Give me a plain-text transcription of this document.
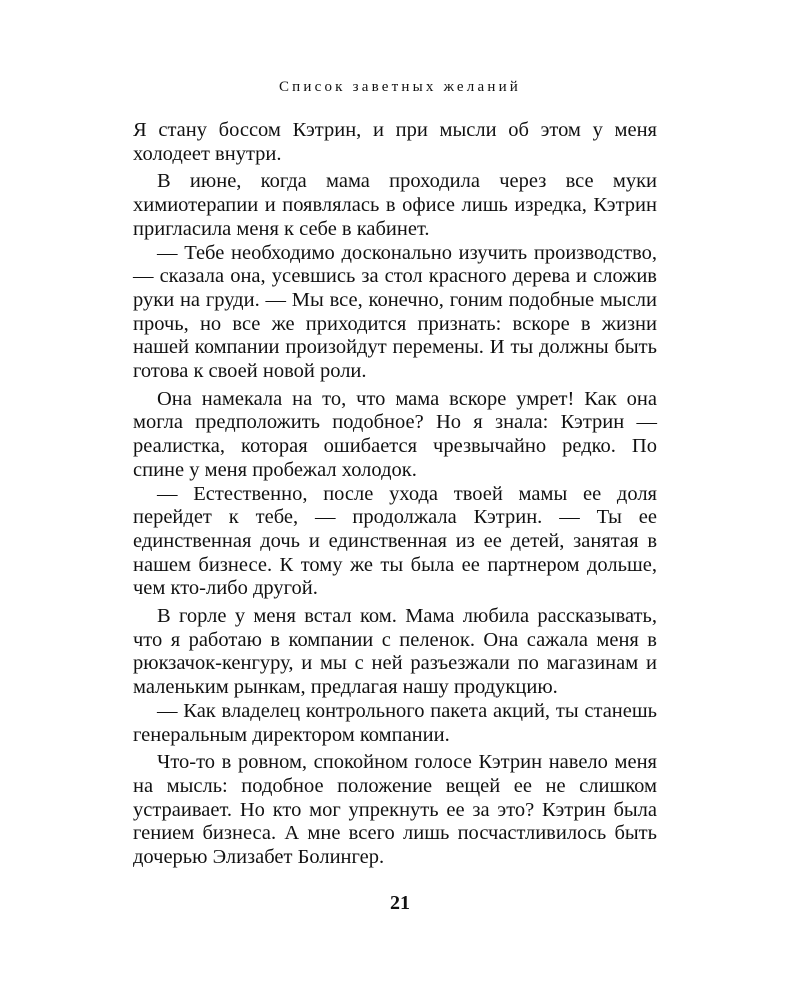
Список заветных желаний

Я стану боссом Кэтрин, и при мысли об этом у меня холодеет внутри.

В июне, когда мама проходила через все муки химиотерапии и появлялась в офисе лишь изредка, Кэтрин пригласила меня к себе в кабинет.

— Тебе необходимо досконально изучить производство, — сказала она, усевшись за стол красного дерева и сложив руки на груди. — Мы все, конечно, гоним подобные мысли прочь, но все же приходится признать: вскоре в жизни нашей компании произойдут перемены. И ты должны быть готова к своей новой роли.

Она намекала на то, что мама вскоре умрет! Как она могла предположить подобное? Но я знала: Кэтрин — реалистка, которая ошибается чрезвычайно редко. По спине у меня пробежал холодок.

— Естественно, после ухода твоей мамы ее доля перейдет к тебе, — продолжала Кэтрин. — Ты ее единственная дочь и единственная из ее детей, занятая в нашем бизнесе. К тому же ты была ее партнером дольше, чем кто-либо другой.

В горле у меня встал ком. Мама любила рассказывать, что я работаю в компании с пеленок. Она сажала меня в рюкзачок-кенгуру, и мы с ней разъезжали по магазинам и маленьким рынкам, предлагая нашу продукцию.

— Как владелец контрольного пакета акций, ты станешь генеральным директором компании.

Что-то в ровном, спокойном голосе Кэтрин навело меня на мысль: подобное положение вещей ее не слишком устраивает. Но кто мог упрекнуть ее за это? Кэтрин была гением бизнеса. А мне всего лишь посчастливилось быть дочерью Элизабет Болингер.

21
